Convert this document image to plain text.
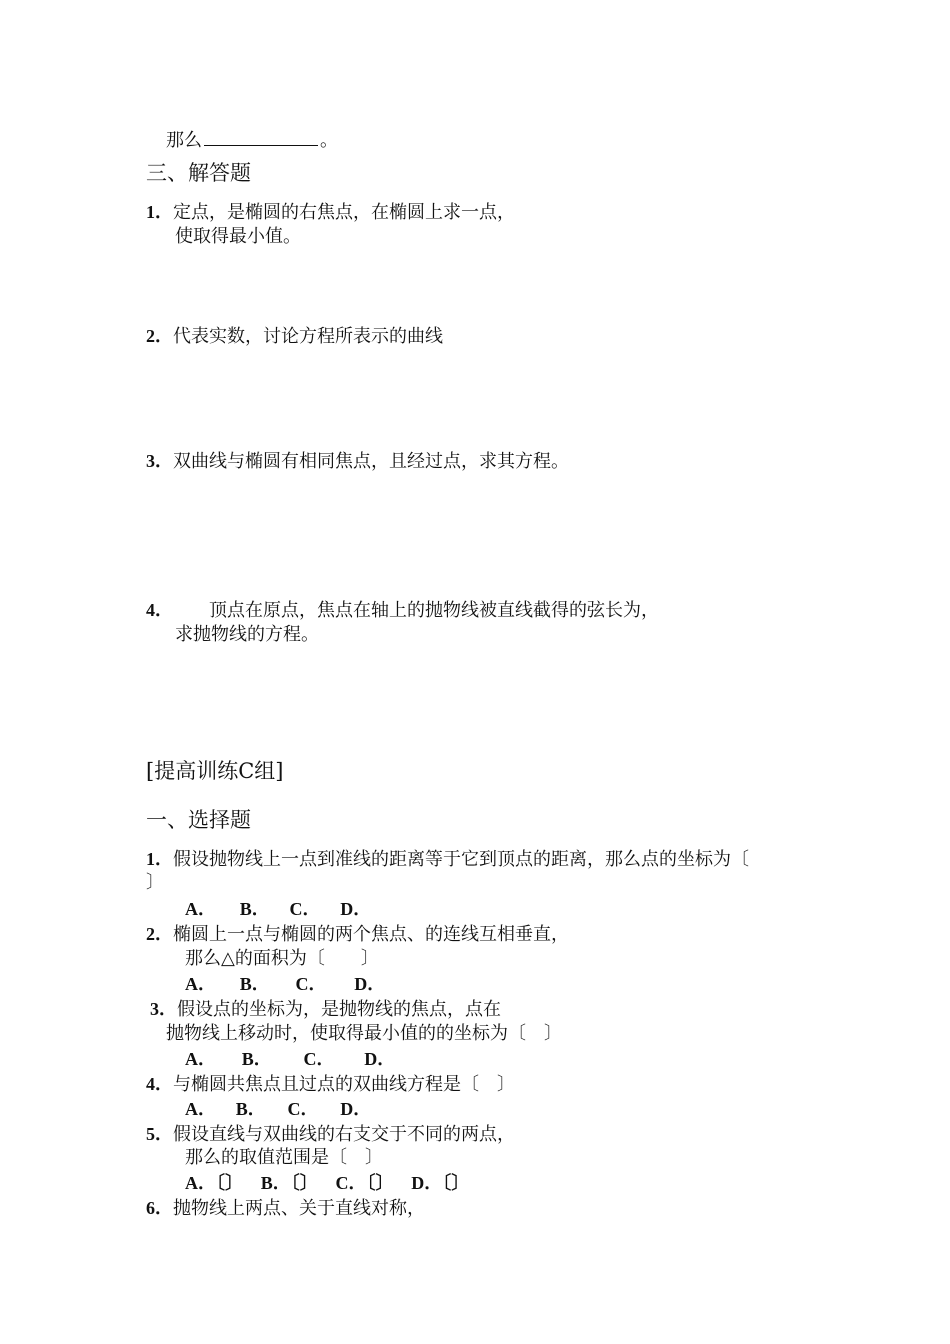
那么	。
三、解答题
1．定点，是椭圆的右焦点，在椭圆上求一点，
使取得最小值。
2．代表实数，讨论方程所表示的曲线
3．双曲线与椭圆有相同焦点，且经过点，求其方程。
4． 顶点在原点，焦点在轴上的抛物线被直线截得的弦长为，
求抛物线的方程。
[提高训练C组]
一、选择题
1．假设抛物线上一点到准线的距离等于它到顶点的距离，那么点的坐标为〔
〕
A． B． C． D．
2．椭圆上一点与椭圆的两个焦点、的连线互相垂直，
那么△的面积为〔　　〕
A． B． C． D．
3．假设点的坐标为，是抛物线的焦点，点在
抛物线上移动时，使取得最小值的的坐标为〔　〕
A． B． C． D．
4．与椭圆共焦点且过点的双曲线方程是〔　〕
A． B． C． D．
5．假设直线与双曲线的右支交于不同的两点，
那么的取值范围是〔　〕
A．〔〕 B．〔〕 C．〔〕 D．〔〕
6．抛物线上两点、关于直线对称，
